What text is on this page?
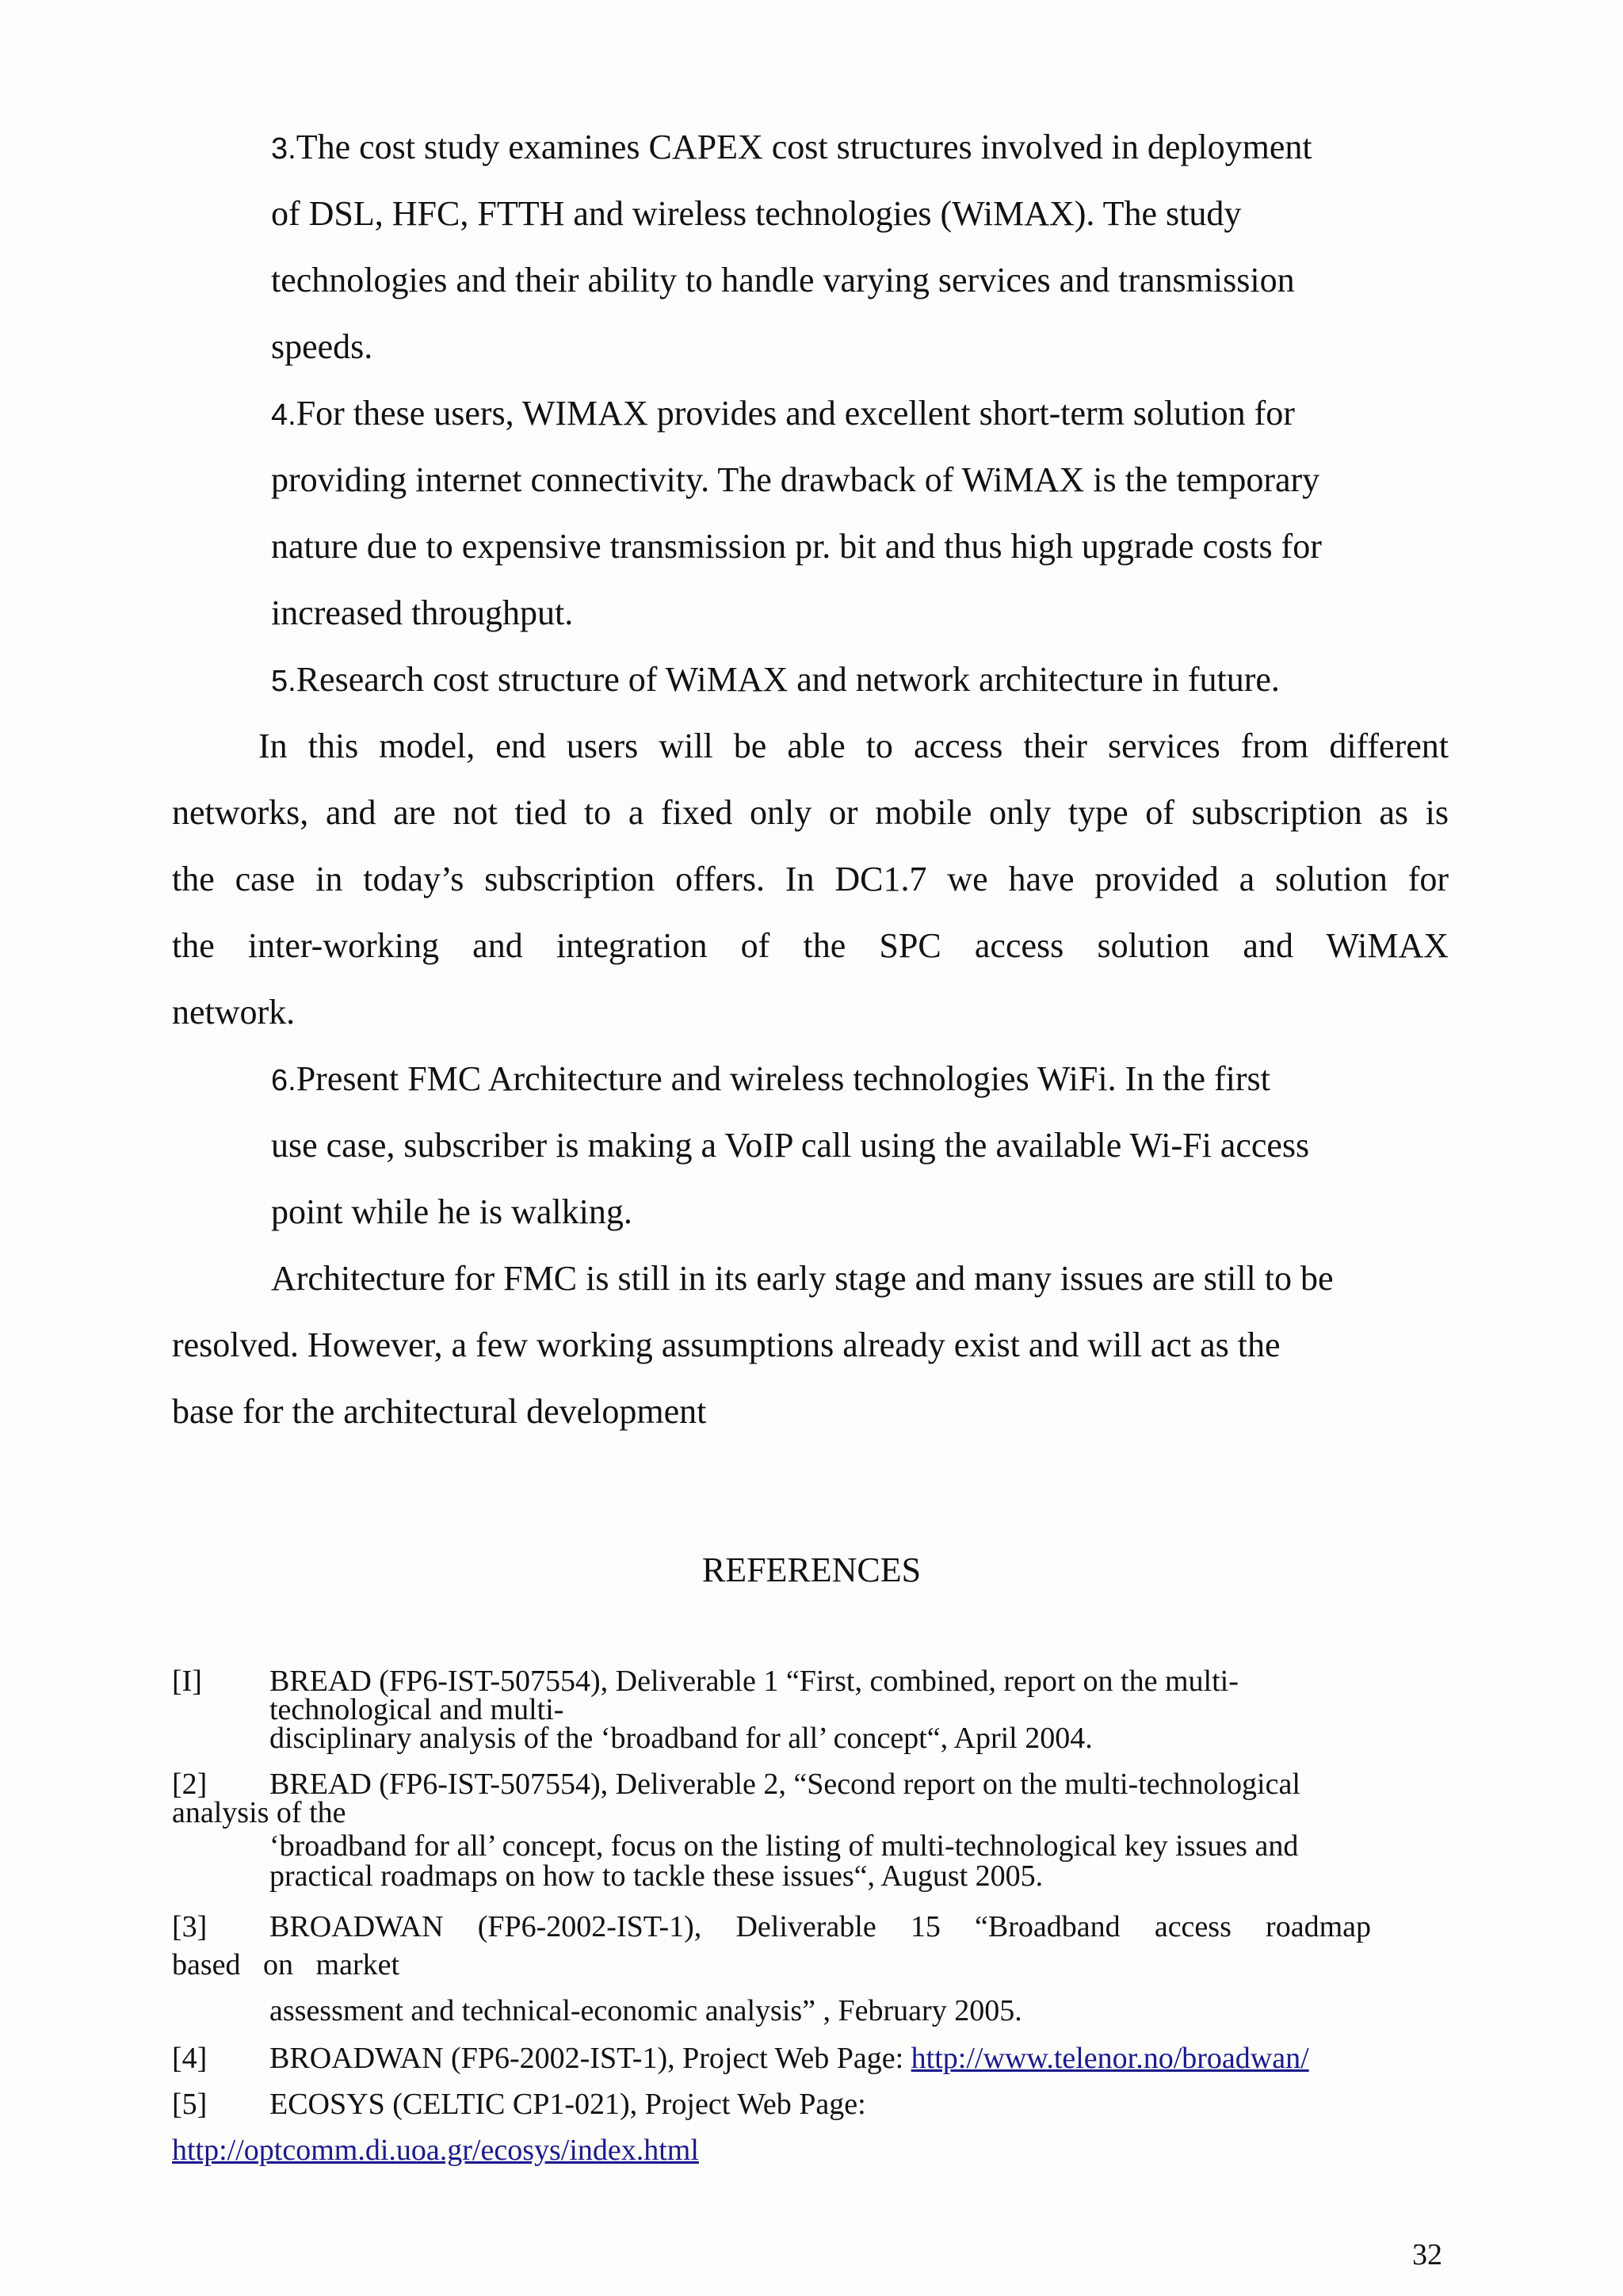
3.The cost study examines CAPEX cost structures involved in deployment
of DSL, HFC, FTTH and wireless technologies (WiMAX). The study
technologies and their ability to handle varying services and transmission
speeds.
4.For these users, WIMAX provides and excellent short-term solution for
providing internet connectivity. The drawback of WiMAX is the temporary
nature due to expensive transmission pr. bit and thus high upgrade costs for
increased throughput.
5.Research cost structure of WiMAX and network architecture in future.
In this model, end users will be able to access their services from different
networks, and are not tied to a fixed only or mobile only type of subscription as is
the case in today’s subscription offers. In DC1.7 we have provided a solution for
the inter-working and integration of the SPC access solution and WiMAX
network.
6.Present FMC Architecture and wireless technologies WiFi. In the first
use case, subscriber is making a VoIP call using the available Wi-Fi access
point while he is walking.
Architecture for FMC is still in its early stage and many issues are still to be
resolved. However, a few working assumptions already exist and will act as the
base for the architectural development
REFERENCES
[I] BREAD (FP6-IST-507554), Deliverable 1 “First, combined, report on the multi-
technological and multi-
disciplinary analysis of the ‘broadband for all’ concept“, April 2004.
[2] BREAD (FP6-IST-507554), Deliverable 2, “Second report on the multi-technological
analysis of the
‘broadband for all’ concept, focus on the listing of multi-technological key issues and
practical roadmaps on how to tackle these issues“, August 2005.
[3] BROADWAN (FP6-2002-IST-1), Deliverable 15 “Broadband access roadmap
based   on   market
assessment and technical-economic analysis” , February 2005.
[4] BROADWAN (FP6-2002-IST-1), Project Web Page: http://www.telenor.no/broadwan/
[5] ECOSYS (CELTIC CP1-021), Project Web Page:
http://optcomm.di.uoa.gr/ecosys/index.html
32
